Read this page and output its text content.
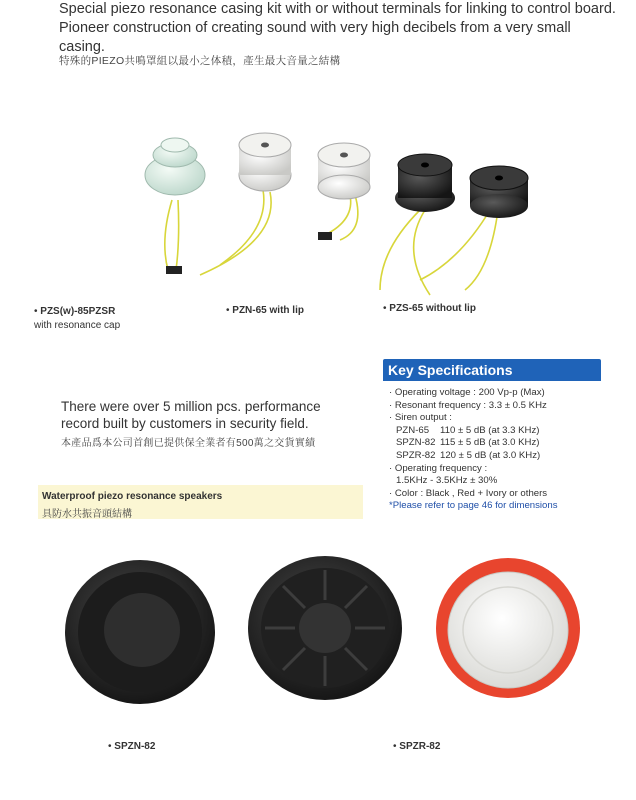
Special piezo resonance casing kit with or without terminals for linking to control board. Pioneer construction of creating sound with very high decibels from a very small casing.
特殊的PIEZO共鳴罩組以最小之体積，產生最大音量之結構
• PZS(w)-85PZSR
with resonance cap
• PZN-65 with lip	• PZS-65 without lip
Key Specifications
· Operating voltage : 200 Vp-p (Max)
· Resonant frequency : 3.3 ± 0.5 KHz
· Siren output :
PZN-65 110 ± 5 dB (at 3.3 KHz)
SPZN-82 115 ± 5 dB (at 3.0 KHz)
SPZR-82 120 ± 5 dB (at 3.0 KHz)
· Operating frequency :
1.5KHz - 3.5KHz ± 30%
· Color : Black , Red + Ivory or others
*Please refer to page 46 for dimensions
There were over 5 million pcs. performance record built by customers in security field.
本產品爲本公司首創已提供保全業者有500萬之交貨實績
Waterproof piezo resonance speakers
具防水共振音頭結構
• SPZN-82	• SPZR-82
